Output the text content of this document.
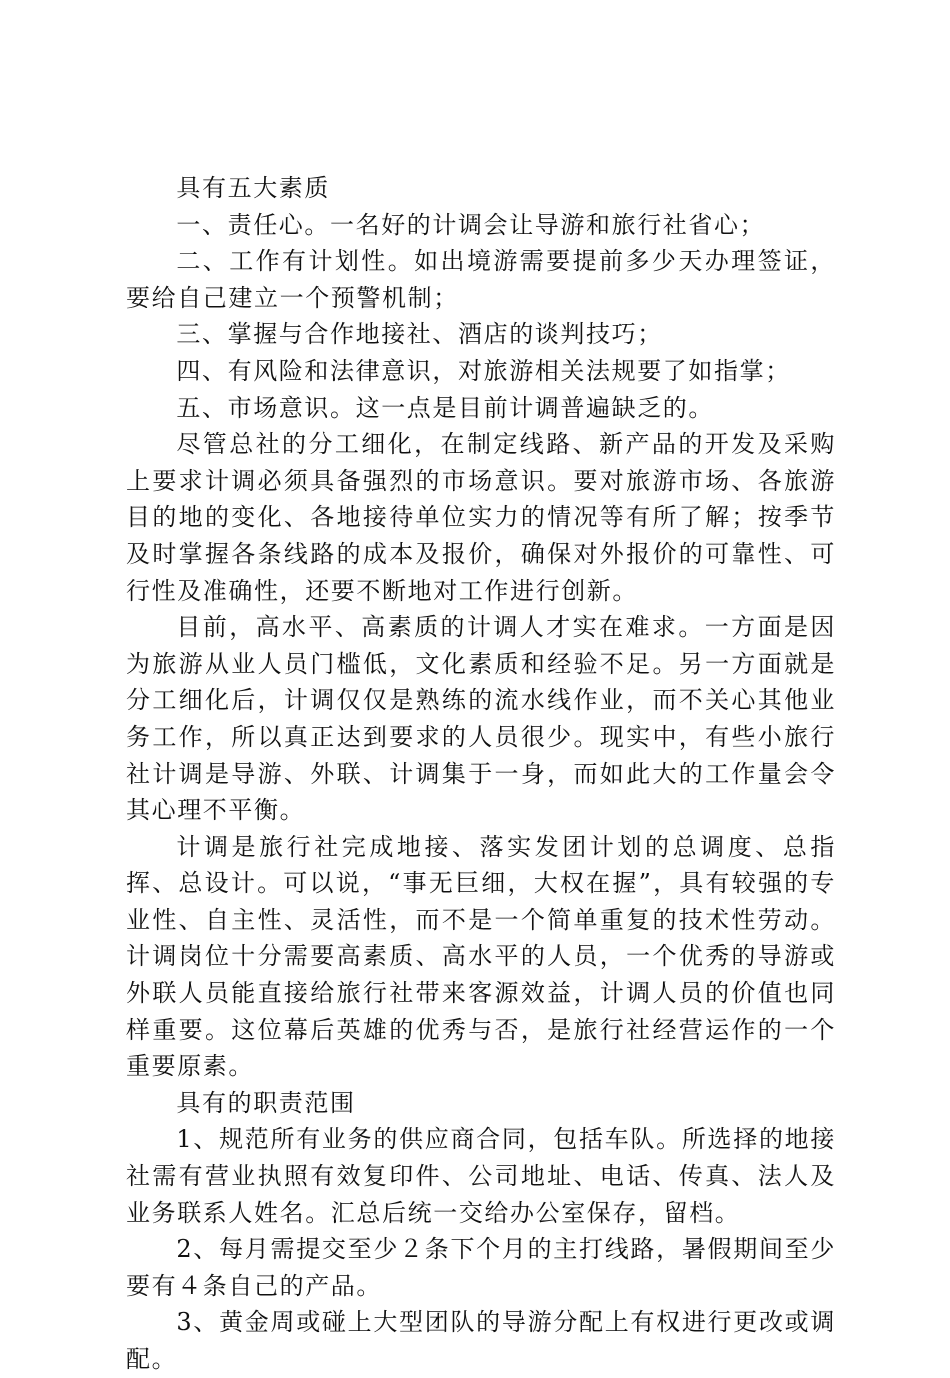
具有五大素质

一、责任心。一名好的计调会让导游和旅行社省心；

二、工作有计划性。如出境游需要提前多少天办理签证，要给自己建立一个预警机制；

三、掌握与合作地接社、酒店的谈判技巧；

四、有风险和法律意识，对旅游相关法规要了如指掌；

五、市场意识。这一点是目前计调普遍缺乏的。

尽管总社的分工细化，在制定线路、新产品的开发及采购上要求计调必须具备强烈的市场意识。要对旅游市场、各旅游目的地的变化、各地接待单位实力的情况等有所了解；按季节及时掌握各条线路的成本及报价，确保对外报价的可靠性、可行性及准确性，还要不断地对工作进行创新。

目前，高水平、高素质的计调人才实在难求。一方面是因为旅游从业人员门槛低，文化素质和经验不足。另一方面就是分工细化后，计调仅仅是熟练的流水线作业，而不关心其他业务工作，所以真正达到要求的人员很少。现实中，有些小旅行社计调是导游、外联、计调集于一身，而如此大的工作量会令其心理不平衡。

计调是旅行社完成地接、落实发团计划的总调度、总指挥、总设计。可以说，“事无巨细，大权在握”，具有较强的专业性、自主性、灵活性，而不是一个简单重复的技术性劳动。计调岗位十分需要高素质、高水平的人员，一个优秀的导游或外联人员能直接给旅行社带来客源效益，计调人员的价值也同样重要。这位幕后英雄的优秀与否，是旅行社经营运作的一个重要原素。

具有的职责范围

1、规范所有业务的供应商合同，包括车队。所选择的地接社需有营业执照有效复印件、公司地址、电话、传真、法人及业务联系人姓名。汇总后统一交给办公室保存，留档。

2、每月需提交至少２条下个月的主打线路，暑假期间至少要有４条自己的产品。

3、黄金周或碰上大型团队的导游分配上有权进行更改或调配。
